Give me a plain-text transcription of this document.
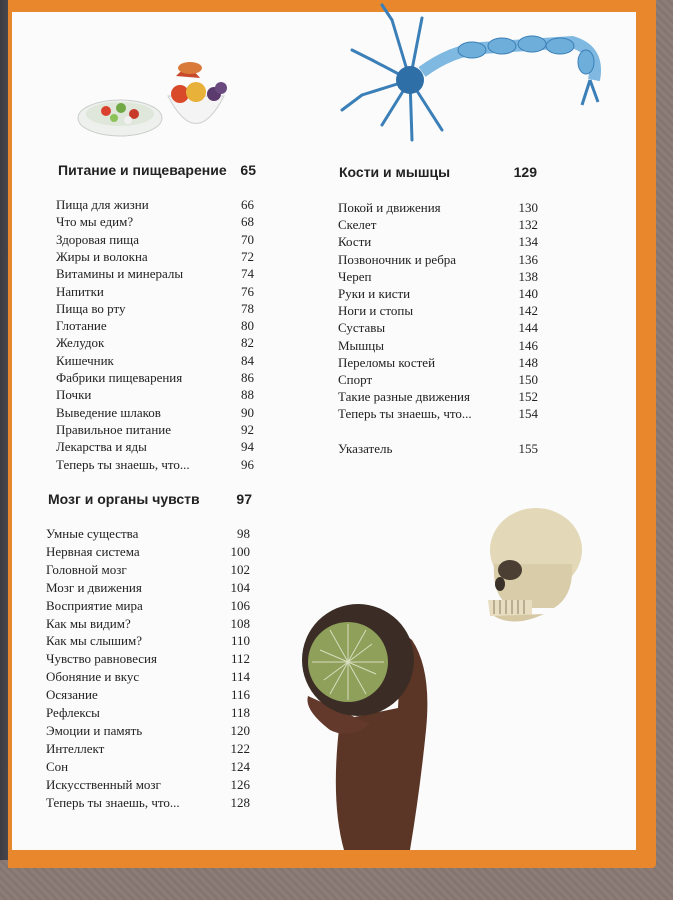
Питание и пищеварение 65
Пища для жизни	66
Что мы едим?	68
Здоровая пища	70
Жиры и волокна	72
Витамины и минералы	74
Напитки	76
Пища во рту	78
Глотание	80
Желудок	82
Кишечник	84
Фабрики пищеварения	86
Почки	88
Выведение шлаков	90
Правильное питание	92
Лекарства и яды	94
Теперь ты знаешь, что...	96
Мозг и органы чувств	97
Умные существа	98
Нервная система	100
Головной мозг	102
Мозг и движения	104
Восприятие мира	106
Как мы видим?	108
Как мы слышим?	110
Чувство равновесия	112
Обоняние и вкус	114
Осязание	116
Рефлексы	118
Эмоции и память	120
Интеллект	122
Сон	124
Искусственный мозг	126
Теперь ты знаешь, что...	128
Кости и мышцы	129
Покой и движения	130
Скелет	132
Кости	134
Позвоночник и ребра	136
Череп	138
Руки и кисти	140
Ноги и стопы	142
Суставы	144
Мышцы	146
Переломы костей	148
Спорт	150
Такие разные движения	152
Теперь ты знаешь, что...	154
Указатель	155
